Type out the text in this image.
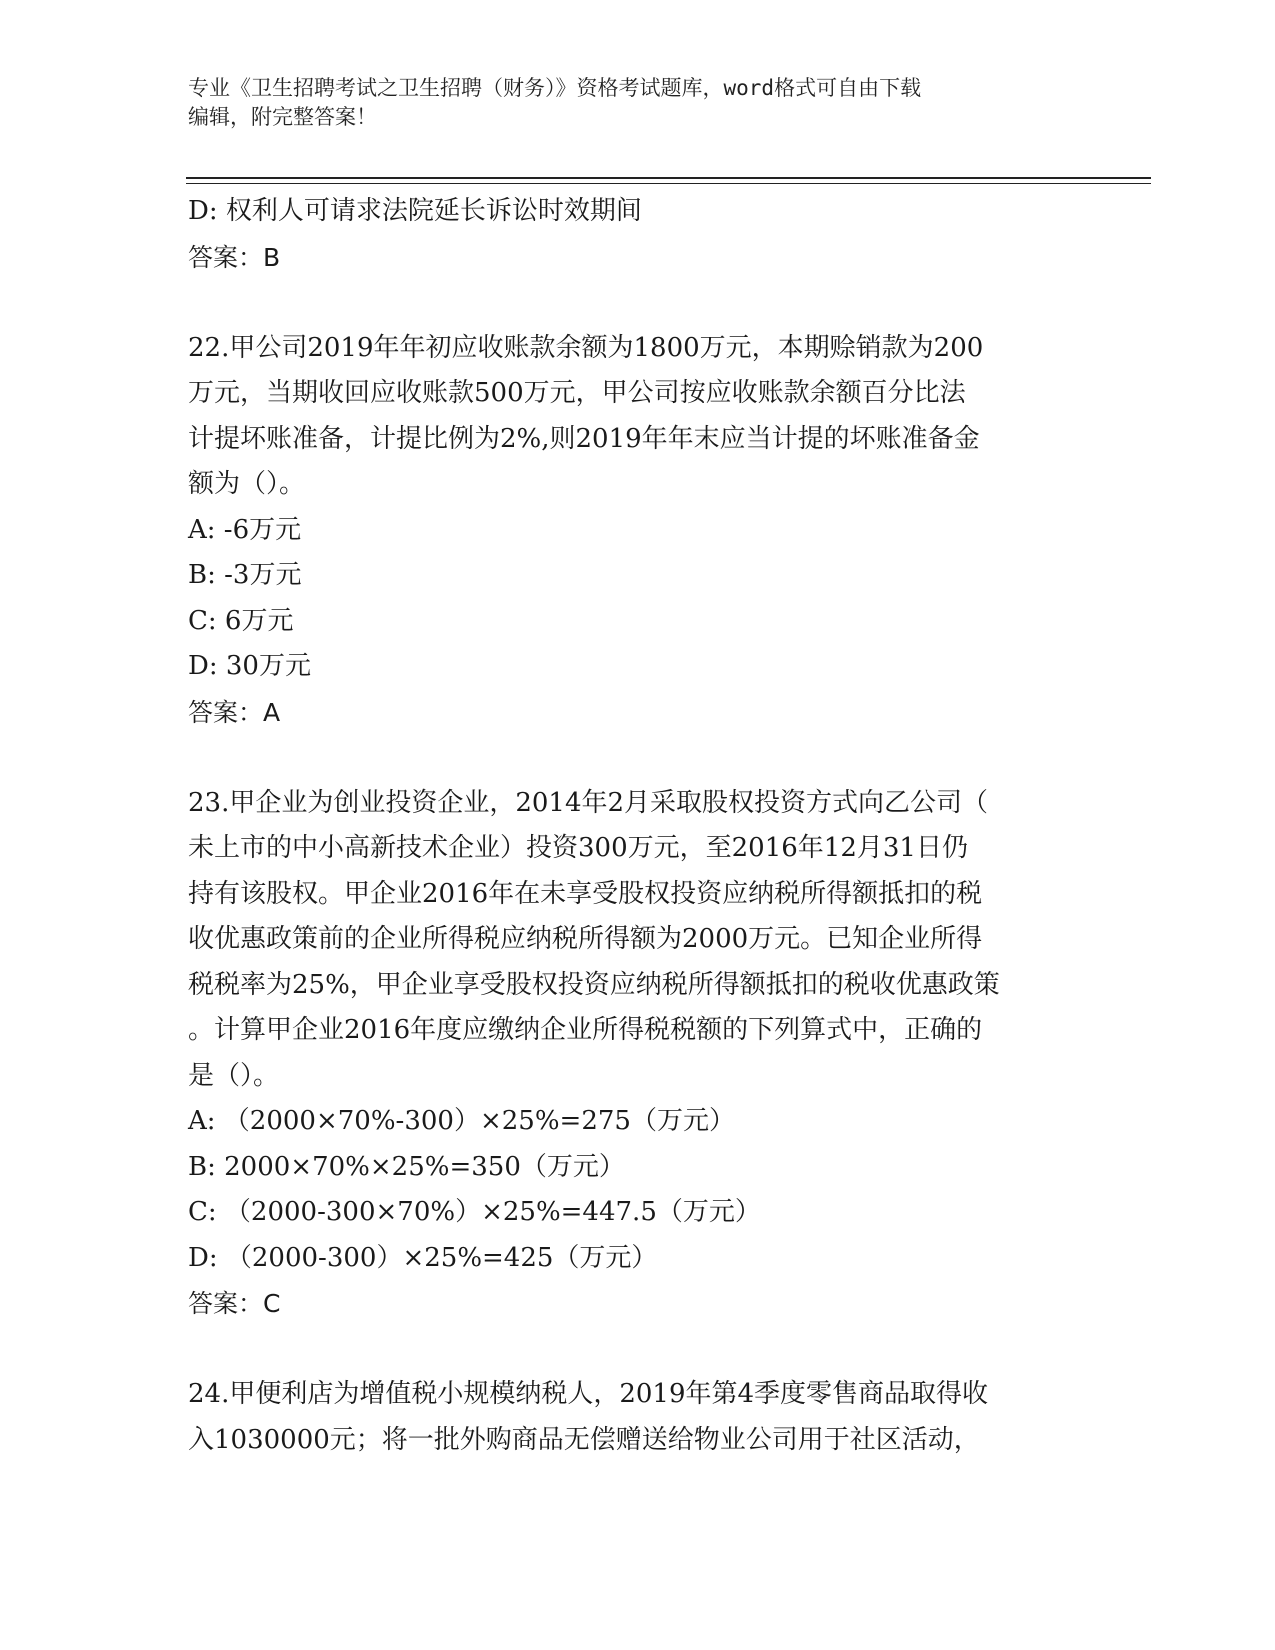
专业《卫生招聘考试之卫生招聘（财务）》资格考试题库，word格式可自由下载
编辑，附完整答案！
D: 权利人可请求法院延长诉讼时效期间
答案：B
22.甲公司2019年年初应收账款余额为1800万元，本期赊销款为200
万元，当期收回应收账款500万元，甲公司按应收账款余额百分比法
计提坏账准备，计提比例为2%,则2019年年末应当计提的坏账准备金
额为（）。
A: -6万元
B: -3万元
C: 6万元
D: 30万元
答案：A
23.甲企业为创业投资企业，2014年2月采取股权投资方式向乙公司（
未上市的中小高新技术企业）投资300万元，至2016年12月31日仍
持有该股权。甲企业2016年在未享受股权投资应纳税所得额抵扣的税
收优惠政策前的企业所得税应纳税所得额为2000万元。已知企业所得
税税率为25%，甲企业享受股权投资应纳税所得额抵扣的税收优惠政策
。计算甲企业2016年度应缴纳企业所得税税额的下列算式中，正确的
是（）。
A: （2000×70%-300）×25%=275（万元）
B: 2000×70%×25%=350（万元）
C: （2000-300×70%）×25%=447.5（万元）
D: （2000-300）×25%=425（万元）
答案：C
24.甲便利店为增值税小规模纳税人，2019年第4季度零售商品取得收
入1030000元；将一批外购商品无偿赠送给物业公司用于社区活动，
